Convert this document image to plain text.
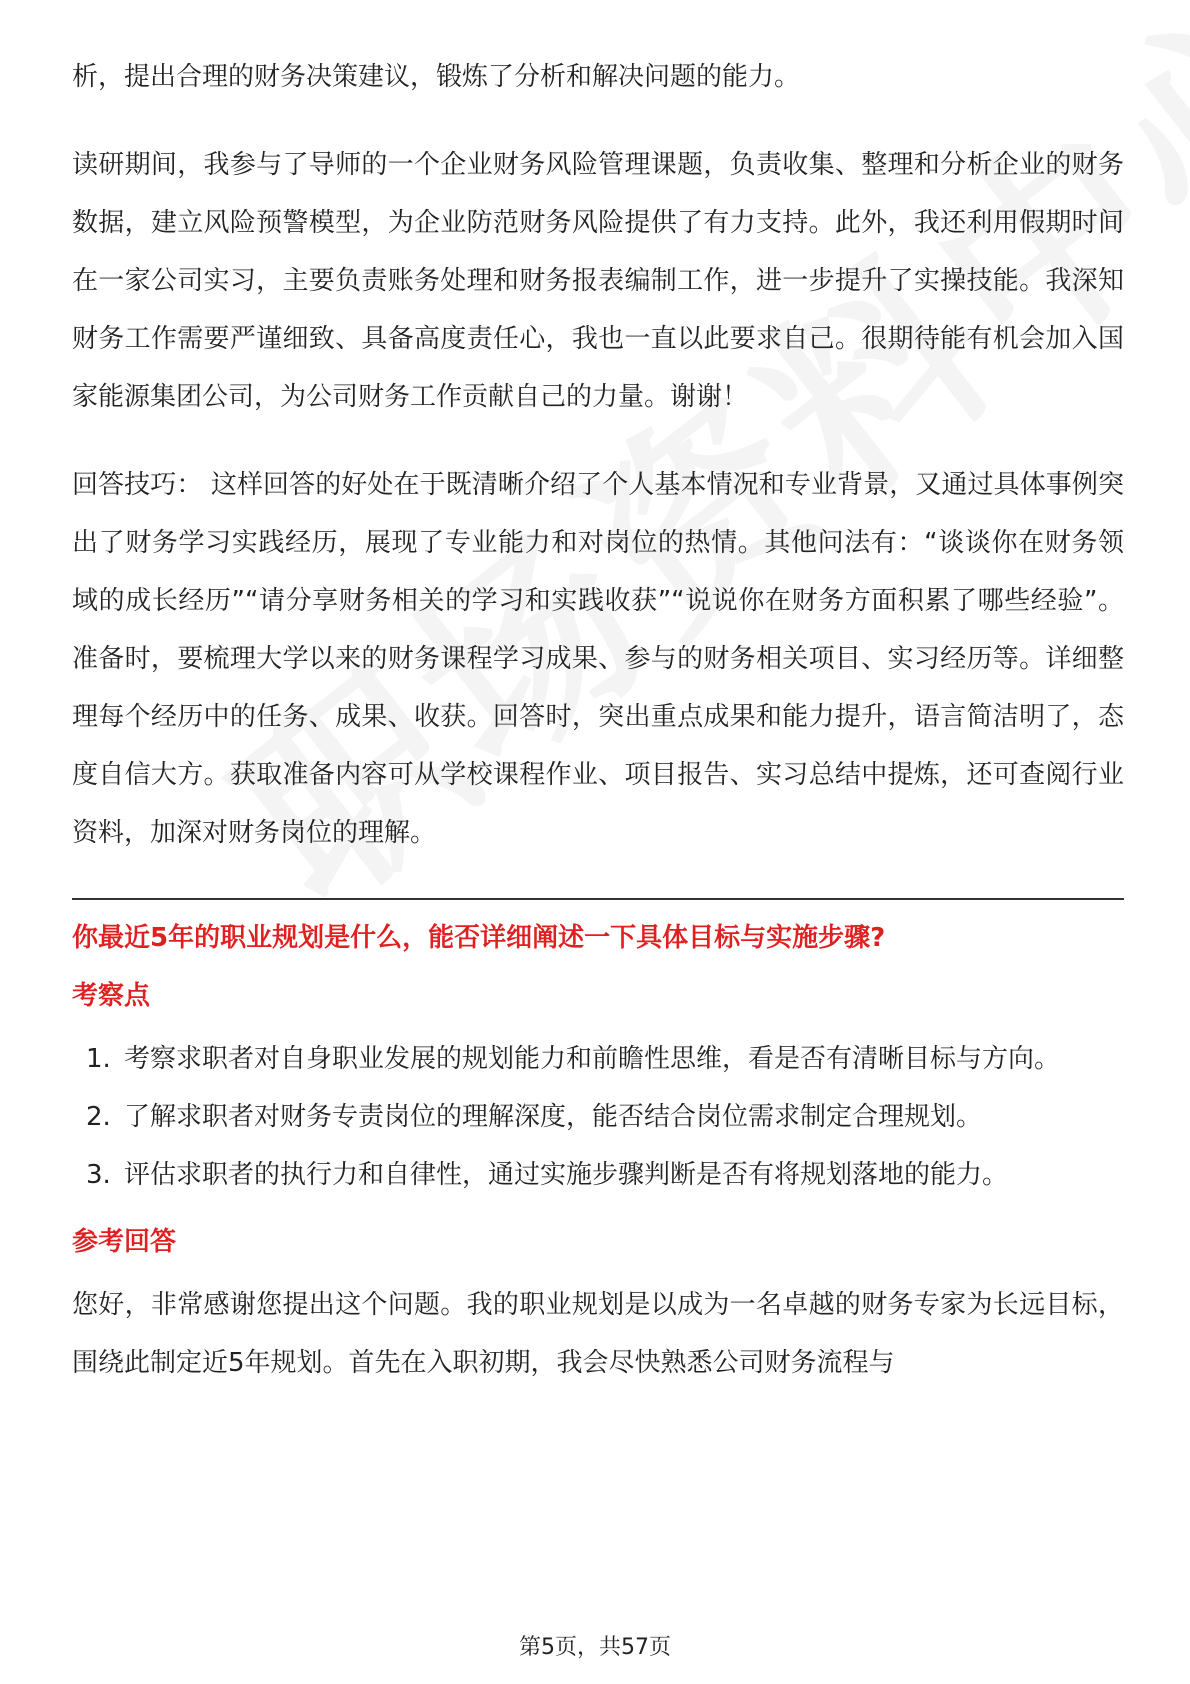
析，提出合理的财务决策建议，锻炼了分析和解决问题的能力。

读研期间，我参与了导师的一个企业财务风险管理课题，负责收集、整理和分析企业的财务数据，建立风险预警模型，为企业防范财务风险提供了有力支持。此外，我还利用假期时间在一家公司实习，主要负责账务处理和财务报表编制工作，进一步提升了实操技能。我深知财务工作需要严谨细致、具备高度责任心，我也一直以此要求自己。很期待能有机会加入国家能源集团公司，为公司财务工作贡献自己的力量。谢谢！

回答技巧： 这样回答的好处在于既清晰介绍了个人基本情况和专业背景，又通过具体事例突出了财务学习实践经历，展现了专业能力和对岗位的热情。其他问法有：“谈谈你在财务领域的成长经历”“请分享财务相关的学习和实践收获”“说说你在财务方面积累了哪些经验”。准备时，要梳理大学以来的财务课程学习成果、参与的财务相关项目、实习经历等。详细整理每个经历中的任务、成果、收获。回答时，突出重点成果和能力提升，语言简洁明了，态度自信大方。获取准备内容可从学校课程作业、项目报告、实习总结中提炼，还可查阅行业资料，加深对财务岗位的理解。

你最近5年的职业规划是什么，能否详细阐述一下具体目标与实施步骤?

考察点

1. 考察求职者对自身职业发展的规划能力和前瞻性思维，看是否有清晰目标与方向。
2. 了解求职者对财务专责岗位的理解深度，能否结合岗位需求制定合理规划。
3. 评估求职者的执行力和自律性，通过实施步骤判断是否有将规划落地的能力。

参考回答

您好，非常感谢您提出这个问题。我的职业规划是以成为一名卓越的财务专家为长远目标，围绕此制定近5年规划。首先在入职初期，我会尽快熟悉公司财务流程与

第5页，共57页
